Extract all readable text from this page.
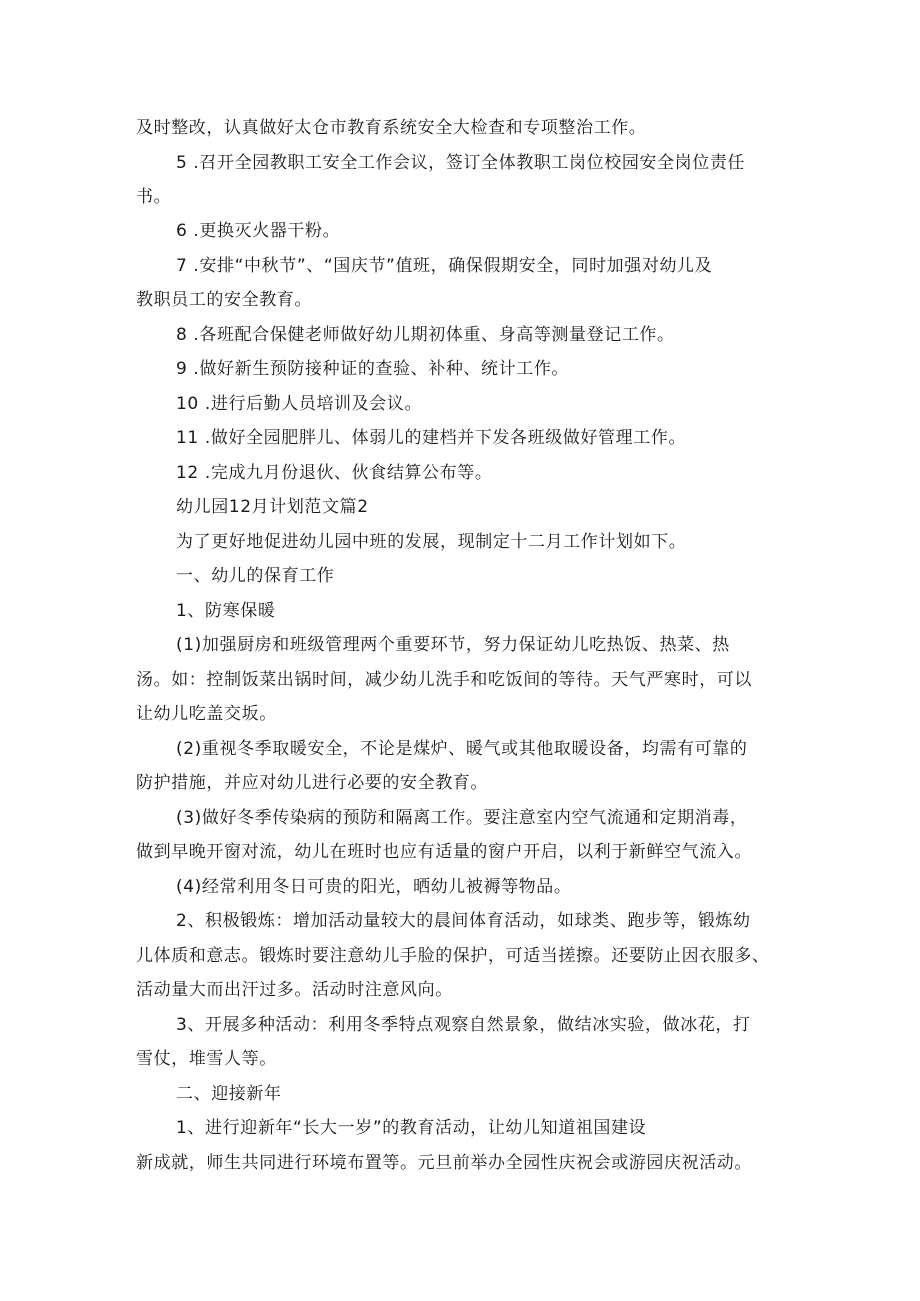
及时整改，认真做好太仓市教育系统安全大检查和专项整治工作。
5 .召开全园教职工安全工作会议，签订全体教职工岗位校园安全岗位责任
书。
6 .更换灭火器干粉。
7 .安排“中秋节”、“国庆节”值班，确保假期安全，同时加强对幼儿及
教职员工的安全教育。
8 .各班配合保健老师做好幼儿期初体重、身高等测量登记工作。
9 .做好新生预防接种证的查验、补种、统计工作。
10 .进行后勤人员培训及会议。
11 .做好全园肥胖儿、体弱儿的建档并下发各班级做好管理工作。
12 .完成九月份退伙、伙食结算公布等。
幼儿园12月计划范文篇2
为了更好地促进幼儿园中班的发展，现制定十二月工作计划如下。
一、幼儿的保育工作
1、防寒保暖
(1)加强厨房和班级管理两个重要环节，努力保证幼儿吃热饭、热菜、热
汤。如：控制饭菜出锅时间，减少幼儿洗手和吃饭间的等待。天气严寒时，可以
让幼儿吃盖交坂。
(2)重视冬季取暖安全，不论是煤炉、暖气或其他取暖设备，均需有可靠的
防护措施，并应对幼儿进行必要的安全教育。
(3)做好冬季传染病的预防和隔离工作。要注意室内空气流通和定期消毒，
做到早晚开窗对流，幼儿在班时也应有适量的窗户开启，以利于新鲜空气流入。
(4)经常利用冬日可贵的阳光，晒幼儿被褥等物品。
2、积极锻炼：增加活动量较大的晨间体育活动，如球类、跑步等，锻炼幼
儿体质和意志。锻炼时要注意幼儿手脸的保护，可适当搓擦。还要防止因衣服多、
活动量大而出汗过多。活动时注意风向。
3、开展多种活动：利用冬季特点观察自然景象，做结冰实验，做冰花，打
雪仗，堆雪人等。
二、迎接新年
1、进行迎新年“长大一岁”的教育活动，让幼儿知道祖国建设
新成就，师生共同进行环境布置等。元旦前举办全园性庆祝会或游园庆祝活动。
